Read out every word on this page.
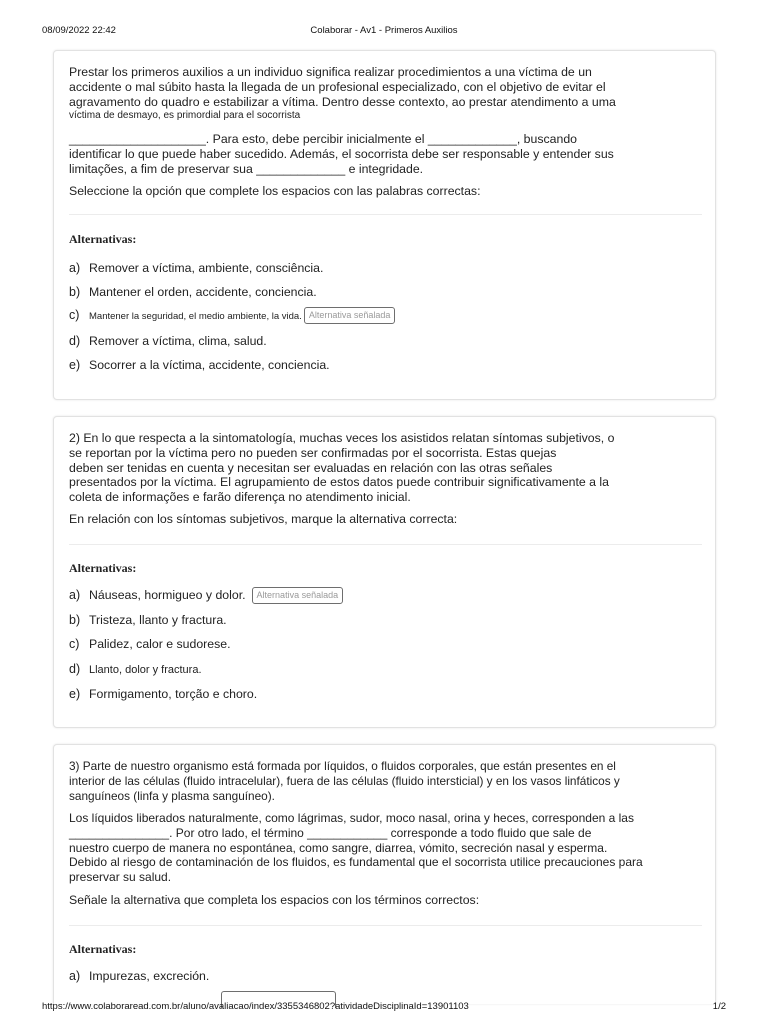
08/09/2022 22:42	Colaborar - Av1 - Primeros Auxilios

Prestar los primeros auxilios a un individuo significa realizar procedimientos a una víctima de un
accidente o mal súbito hasta la llegada de un profesional especializado, con el objetivo de evitar el
agravamento do quadro e estabilizar a vítima. Dentro desse contexto, ao prestar atendimento a uma

víctima de desmayo, es primordial para el socorrista

____________________. Para esto, debe percibir inicialmente el _____________, buscando
identificar lo que puede haber sucedido. Además, el socorrista debe ser responsable y entender sus
limitações, a fim de preservar sua _____________ e integridade.

Seleccione la opción que complete los espacios con las palabras correctas:

Alternativas:

a) Remover a víctima, ambiente, consciência.
b) Mantener el orden, accidente, conciencia.
c) Mantener la seguridad, el medio ambiente, la vida. Alternativa señalada
d) Remover a víctima, clima, salud.
e) Socorrer a la víctima, accidente, conciencia.

2) En lo que respecta a la sintomatología, muchas veces los asistidos relatan síntomas subjetivos, o
se reportan por la víctima pero no pueden ser confirmadas por el socorrista. Estas quejas
deben ser tenidas en cuenta y necesitan ser evaluadas en relación con las otras señales
presentados por la víctima. El agrupamiento de estos datos puede contribuir significativamente a la
coleta de informações e farão diferença no atendimento inicial.

En relación con los síntomas subjetivos, marque la alternativa correcta:

Alternativas:

a) Náuseas, hormigueo y dolor. Alternativa señalada
b)Tristeza, llanto y fractura.
c) Palidez, calor e sudorese.
d) Llanto, dolor y fractura.
e) Formigamento, torção e choro.

3) Parte de nuestro organismo está formada por líquidos, o fluidos corporales, que están presentes en el
interior de las células (fluido intracelular), fuera de las células (fluido intersticial) y en los vasos linfáticos y
sanguíneos (linfa y plasma sanguíneo).

Los líquidos liberados naturalmente, como lágrimas, sudor, moco nasal, orina y heces, corresponden a las
_______________. Por otro lado, el término ____________ corresponde a todo fluido que sale de
nuestro cuerpo de manera no espontánea, como sangre, diarrea, vómito, secreción nasal y esperma.
Debido al riesgo de contaminación de los fluidos, es fundamental que el socorrista utilice precauciones para
preservar su salud.

Señale la alternativa que completa los espacios con los términos correctos:

Alternativas:

a) Impurezas, excreción.
https://www.colaboraread.com.br/aluno/avaliacao/index/3355346802?atividadeDisciplinaId=13901103	1/2
